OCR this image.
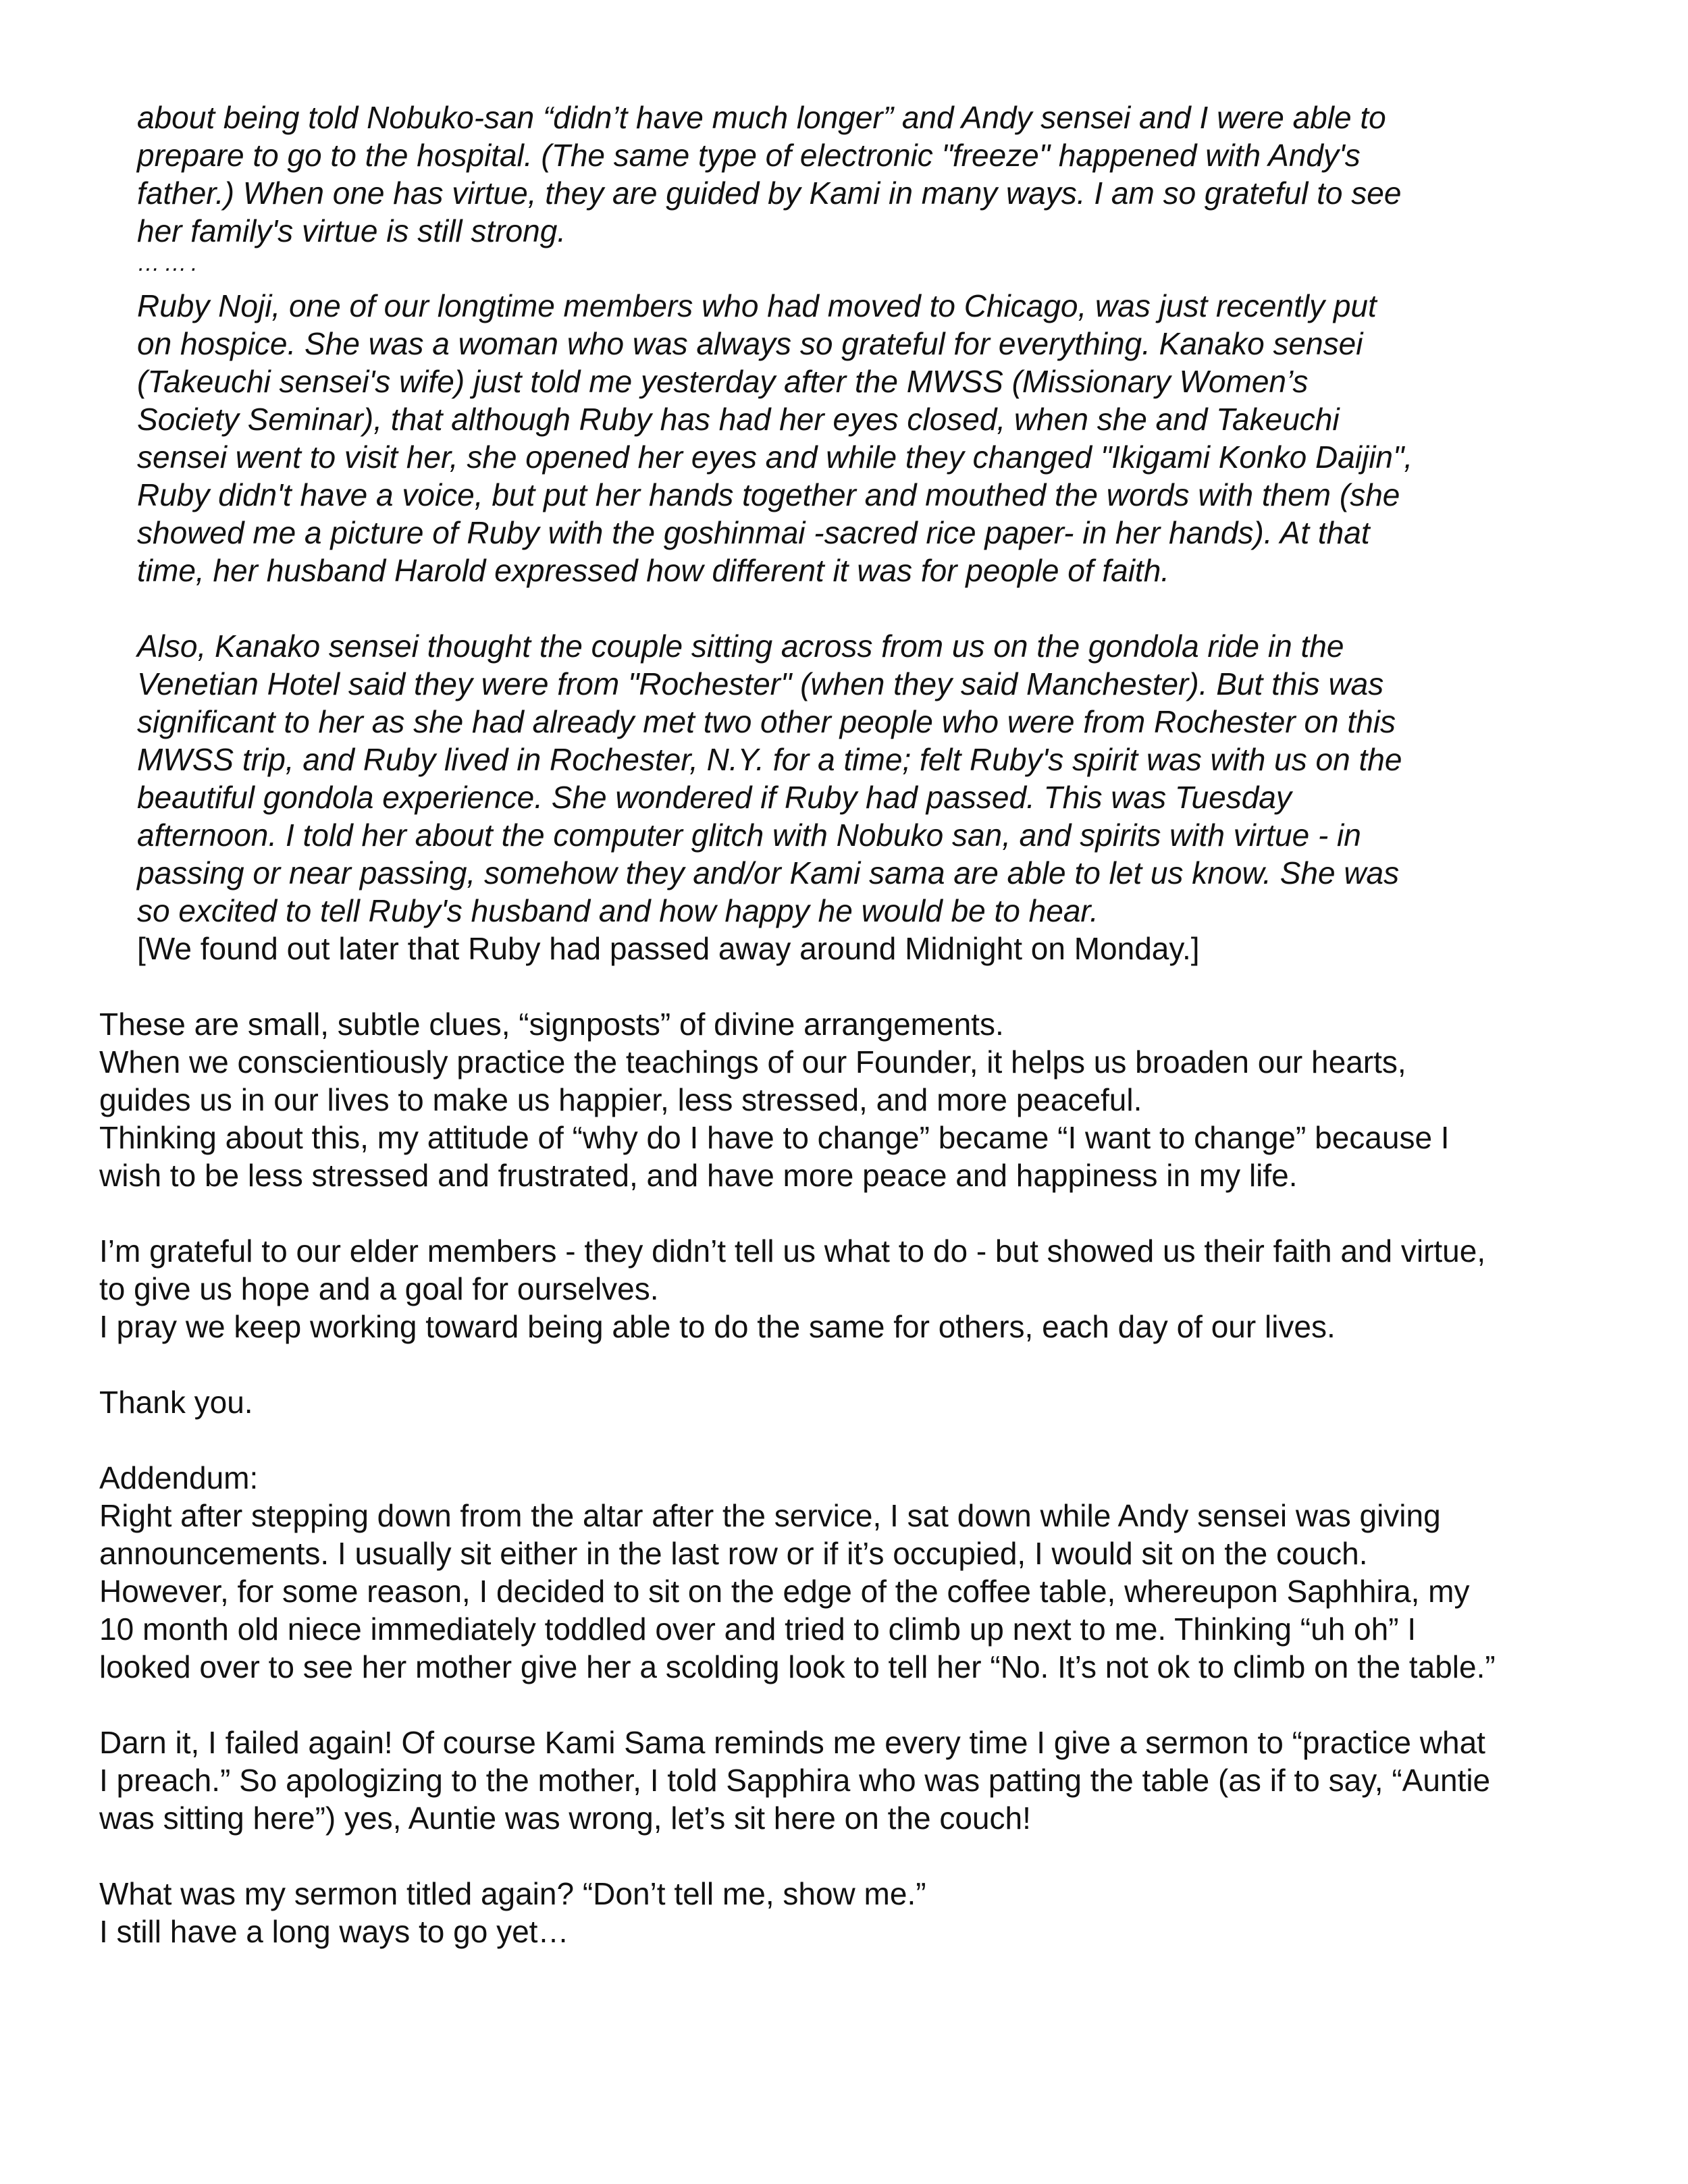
about being told Nobuko-san “didn’t have much longer” and Andy sensei and I were able to
prepare to go to the hospital. (The same type of electronic "freeze" happened with Andy's
father.) When one has virtue, they are guided by Kami in many ways. I am so grateful to see
her family's virtue is still strong.
…….
Ruby Noji, one of our longtime members who had moved to Chicago, was just recently put
on hospice. She was a woman who was always so grateful for everything. Kanako sensei
(Takeuchi sensei's wife) just told me yesterday after the MWSS (Missionary Women’s
Society Seminar), that although Ruby has had her eyes closed, when she and Takeuchi
sensei went to visit her, she opened her eyes and while they changed "Ikigami Konko Daijin",
Ruby didn't have a voice, but put her hands together and mouthed the words with them (she
showed me a picture of Ruby with the goshinmai -sacred rice paper- in her hands). At that
time, her husband Harold expressed how different it was for people of faith.
Also, Kanako sensei thought the couple sitting across from us on the gondola ride in the
Venetian Hotel said they were from "Rochester" (when they said Manchester). But this was
significant to her as she had already met two other people who were from Rochester on this
MWSS trip, and Ruby lived in Rochester, N.Y. for a time; felt Ruby's spirit was with us on the
beautiful gondola experience. She wondered if Ruby had passed. This was Tuesday
afternoon. I told her about the computer glitch with Nobuko san, and spirits with virtue - in
passing or near passing, somehow they and/or Kami sama are able to let us know. She was
so excited to tell Ruby's husband and how happy he would be to hear.
[We found out later that Ruby had passed away around Midnight on Monday.]
These are small, subtle clues, “signposts” of divine arrangements.
When we conscientiously practice the teachings of our Founder, it helps us broaden our hearts,
guides us in our lives to make us happier, less stressed, and more peaceful.
Thinking about this, my attitude of “why do I have to change” became “I want to change” because I
wish to be less stressed and frustrated, and have more peace and happiness in my life.
I’m grateful to our elder members - they didn’t tell us what to do - but showed us their faith and virtue,
to give us hope and a goal for ourselves.
I pray we keep working toward being able to do the same for others, each day of our lives.
Thank you.
Addendum:
Right after stepping down from the altar after the service, I sat down while Andy sensei was giving
announcements. I usually sit either in the last row or if it’s occupied, I would sit on the couch.
However, for some reason, I decided to sit on the edge of the coffee table, whereupon Saphhira, my
10 month old niece immediately toddled over and tried to climb up next to me. Thinking “uh oh” I
looked over to see her mother give her a scolding look to tell her “No. It’s not ok to climb on the table.”
Darn it, I failed again! Of course Kami Sama reminds me every time I give a sermon to “practice what
I preach.” So apologizing to the mother, I told Sapphira who was patting the table (as if to say, “Auntie
was sitting here”) yes, Auntie was wrong, let’s sit here on the couch!
What was my sermon titled again? “Don’t tell me, show me.”
I still have a long ways to go yet…
